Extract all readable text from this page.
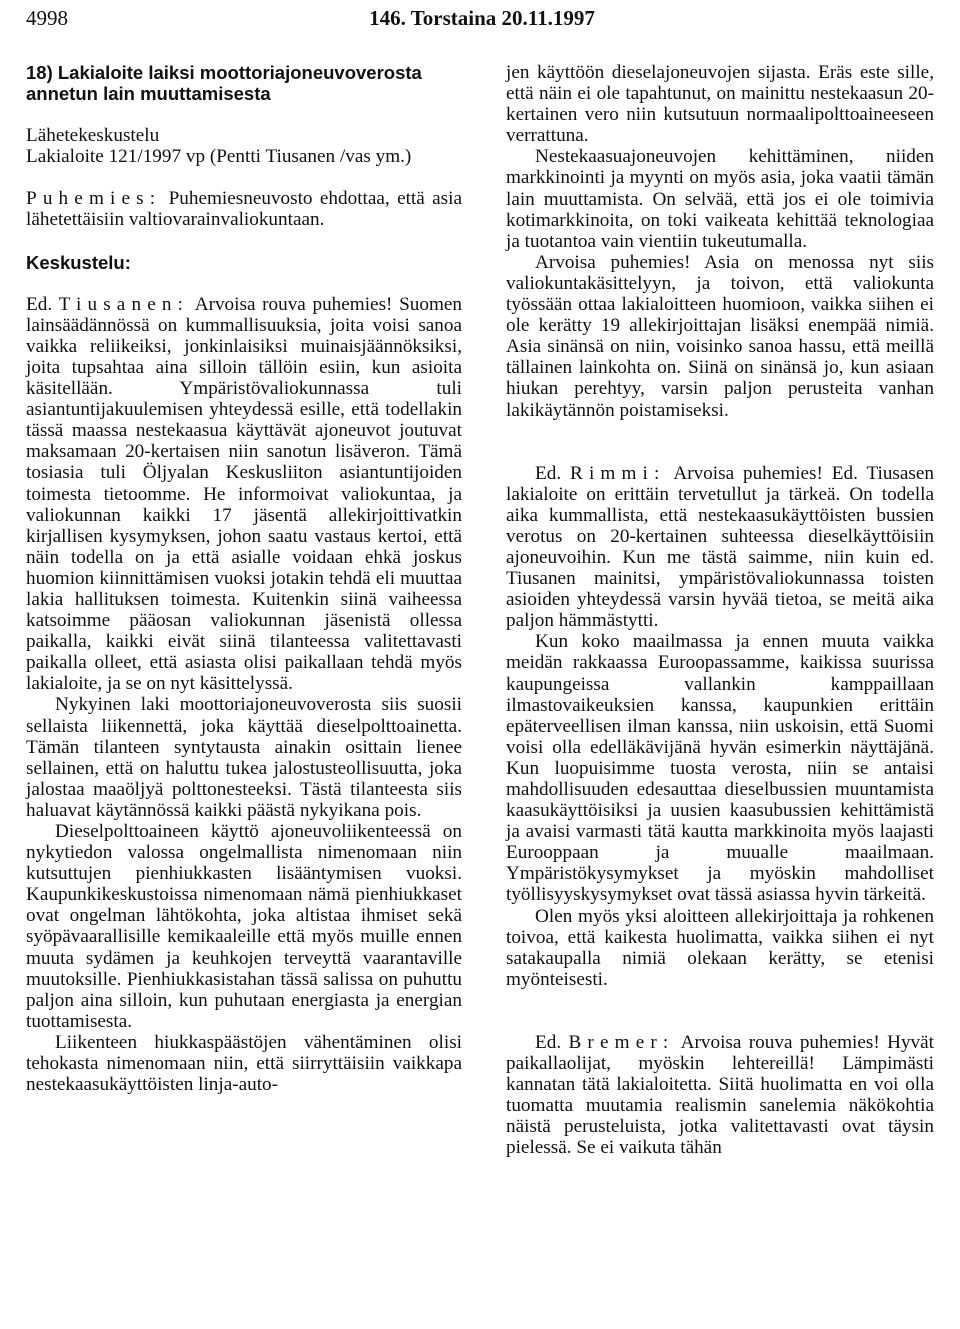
4998	146. Torstaina 20.11.1997

18) Lakialoite laiksi moottoriajoneuvoverosta annetun lain muuttamisesta

Lähetekeskustelu

Lakialoite 121/1997 vp (Pentti Tiusanen /vas ym.)

Puhemies: Puhemiesneuvosto ehdottaa, että asia lähetettäisiin valtiovarainvaliokuntaan.

Keskustelu:

Ed. Tiusanen: Arvoisa rouva puhemies! Suomen lainsäädännössä on kummallisuuksia, joita voisi sanoa vaikka reliikeiksi, jonkinlaisiksi muinaisjäännöksiksi, joita tupsahtaa aina silloin tällöin esiin, kun asioita käsitellään. Ympäristövaliokunnassa tuli asiantuntijakuulemisen yhteydessä esille, että todellakin tässä maassa nestekaasua käyttävät ajoneuvot joutuvat maksamaan 20-kertaisen niin sanotun lisäveron. Tämä tosiasia tuli Öljyalan Keskusliiton asiantuntijoiden toimesta tietoomme. He informoivat valiokuntaa, ja valiokunnan kaikki 17 jäsentä allekirjoittivatkin kirjallisen kysymyksen, johon saatu vastaus kertoi, että näin todella on ja että asialle voidaan ehkä joskus huomion kiinnittämisen vuoksi jotakin tehdä eli muuttaa lakia hallituksen toimesta. Kuitenkin siinä vaiheessa katsoimme pääosan valiokunnan jäsenistä ollessa paikalla, kaikki eivät siinä tilanteessa valitettavasti paikalla olleet, että asiasta olisi paikallaan tehdä myös lakialoite, ja se on nyt käsittelyssä.

Nykyinen laki moottoriajoneuvoverosta siis suosii sellaista liikennettä, joka käyttää dieselpolttoainetta. Tämän tilanteen syntytausta ainakin osittain lienee sellainen, että on haluttu tukea jalostusteollisuutta, joka jalostaa maaöljyä polttonesteeksi. Tästä tilanteesta siis haluavat käytännössä kaikki päästä nykyikana pois.

Dieselpolttoaineen käyttö ajoneuvoliikenteessä on nykytiedon valossa ongelmallista nimenomaan niin kutsuttujen pienhiukkasten lisääntymisen vuoksi. Kaupunkikeskustoissa nimenomaan nämä pienhiukkaset ovat ongelman lähtökohta, joka altistaa ihmiset sekä syöpävaarallisille kemikaaleille että myös muille ennen muuta sydämen ja keuhkojen terveyttä vaarantaville muutoksille. Pienhiukkasistahan tässä salissa on puhuttu paljon aina silloin, kun puhutaan energiasta ja energian tuottamisesta.

Liikenteen hiukkaspäästöjen vähentäminen olisi tehokasta nimenomaan niin, että siirryttäisiin vaikkapa nestekaasukäyttöisten linja-auto-

jen käyttöön dieselajoneuvojen sijasta. Eräs este sille, että näin ei ole tapahtunut, on mainittu nestekaasun 20-kertainen vero niin kutsutuun normaalipolttoaineeseen verrattuna.

Nestekaasuajoneuvojen kehittäminen, niiden markkinointi ja myynti on myös asia, joka vaatii tämän lain muuttamista. On selvää, että jos ei ole toimivia kotimarkkinoita, on toki vaikeata kehittää teknologiaa ja tuotantoa vain vientiin tukeutumalla.

Arvoisa puhemies! Asia on menossa nyt siis valiokuntakäsittelyyn, ja toivon, että valiokunta työssään ottaa lakialoitteen huomioon, vaikka siihen ei ole kerätty 19 allekirjoittajan lisäksi enempää nimiä. Asia sinänsä on niin, voisinko sanoa hassu, että meillä tällainen lainkohta on. Siinä on sinänsä jo, kun asiaan hiukan perehtyy, varsin paljon perusteita vanhan lakikäytännön poistamiseksi.

Ed. Rimmi: Arvoisa puhemies! Ed. Tiusasen lakialoite on erittäin tervetullut ja tärkeä. On todella aika kummallista, että nestekaasukäyttöisten bussien verotus on 20-kertainen suhteessa dieselkäyttöisiin ajoneuvoihin. Kun me tästä saimme, niin kuin ed. Tiusanen mainitsi, ympäristövaliokunnassa toisten asioiden yhteydessä varsin hyvää tietoa, se meitä aika paljon hämmästytti.

Kun koko maailmassa ja ennen muuta vaikka meidän rakkaassa Euroopassamme, kaikissa suurissa kaupungeissa vallankin kamppaillaan ilmastovaikeuksien kanssa, kaupunkien erittäin epäterveellisen ilman kanssa, niin uskoisin, että Suomi voisi olla edelläkävijänä hyvän esimerkin näyttäjänä. Kun luopuisimme tuosta verosta, niin se antaisi mahdollisuuden edesauttaa dieselbussien muuntamista kaasukäyttöisiksi ja uusien kaasubussien kehittämistä ja avaisi varmasti tätä kautta markkinoita myös laajasti Eurooppaan ja muualle maailmaan. Ympäristökysymykset ja myöskin mahdolliset työllisyyskysymykset ovat tässä asiassa hyvin tärkeitä.

Olen myös yksi aloitteen allekirjoittaja ja rohkenen toivoa, että kaikesta huolimatta, vaikka siihen ei nyt satakaupalla nimiä olekaan kerätty, se etenisi myönteisesti.

Ed. Bremer: Arvoisa rouva puhemies! Hyvät paikallaolijat, myöskin lehtereillä! Lämpimästi kannatan tätä lakialoitetta. Siitä huolimatta en voi olla tuomatta muutamia realismin sanelemia näkökohtia näistä perusteluista, jotka valitettavasti ovat täysin pielessä. Se ei vaikuta tähän
